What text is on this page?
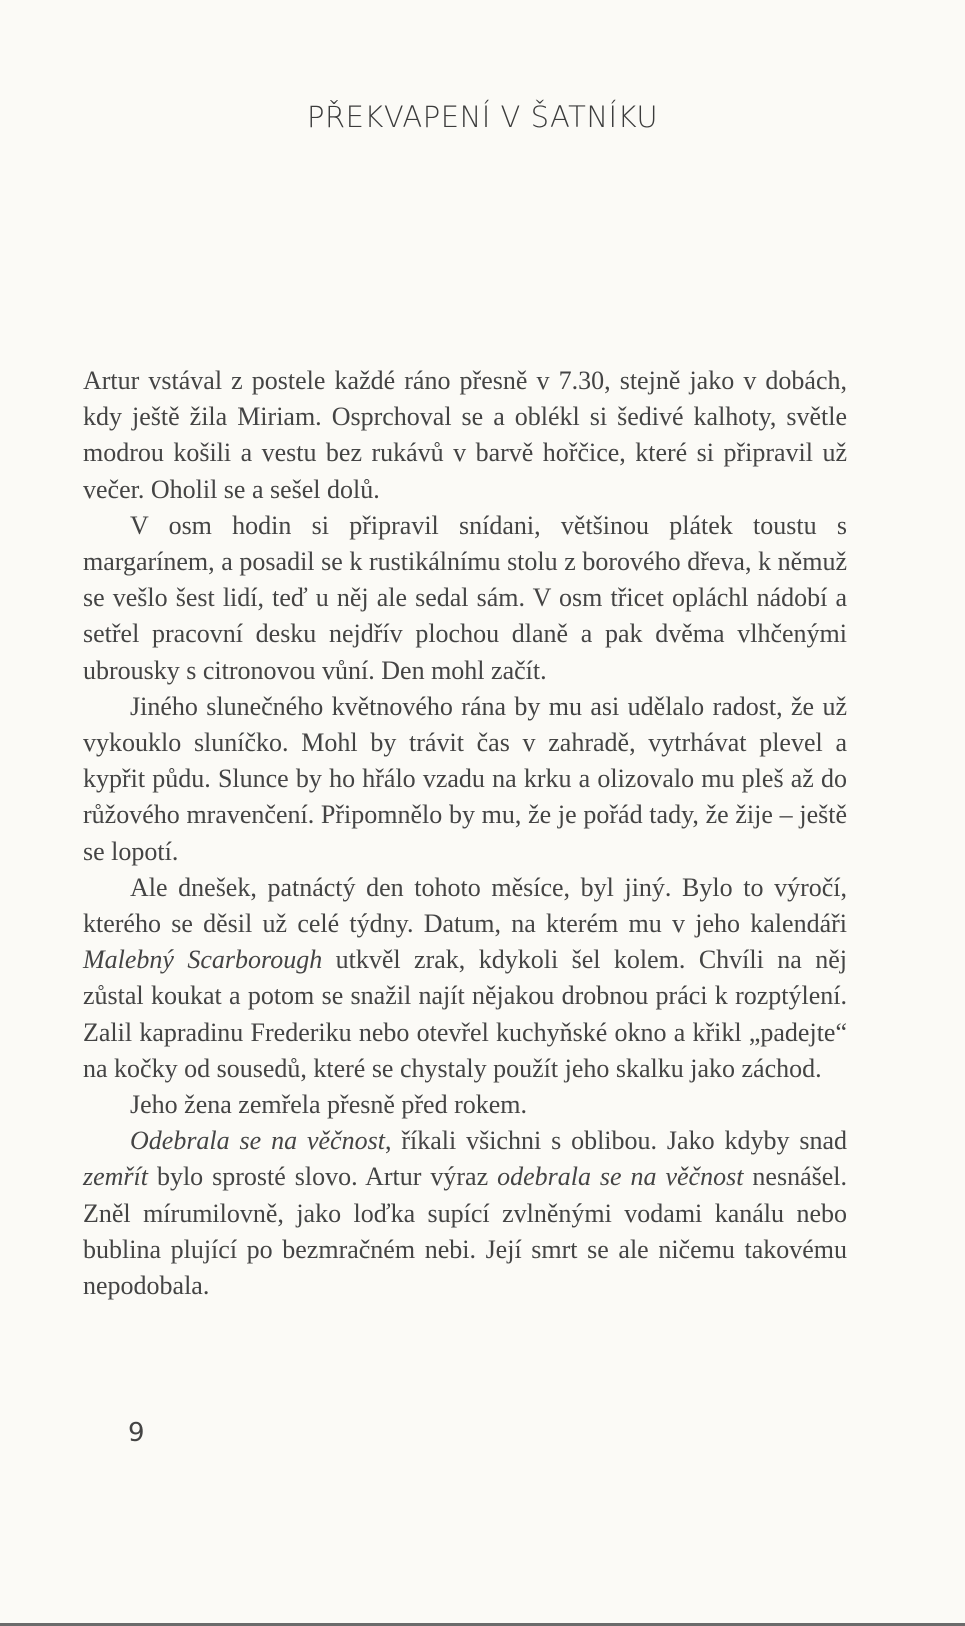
PŘEKVAPENÍ V ŠATNÍKU

Artur vstával z postele každé ráno přesně v 7.30, stejně jako v dobách, kdy ještě žila Miriam. Osprchoval se a oblékl si šedivé kalhoty, světle modrou košili a vestu bez rukávů v barvě hořčice, které si připravil už večer. Oholil se a sešel dolů.

V osm hodin si připravil snídani, většinou plátek toustu s margarínem, a posadil se k rustikálnímu stolu z borového dřeva, k němuž se vešlo šest lidí, teď u něj ale sedal sám. V osm třicet opláchl nádobí a setřel pracovní desku nejdřív plochou dlaně a pak dvěma vlhčenými ubrousky s citronovou vůní. Den mohl začít.

Jiného slunečného květnového rána by mu asi udělalo radost, že už vykouklo sluníčko. Mohl by trávit čas v zahradě, vytrhávat plevel a kypřit půdu. Slunce by ho hřálo vzadu na krku a olizovalo mu pleš až do růžového mravenčení. Připomnělo by mu, že je pořád tady, že žije – ještě se lopotí.

Ale dnešek, patnáctý den tohoto měsíce, byl jiný. Bylo to výročí, kterého se děsil už celé týdny. Datum, na kterém mu v jeho kalendáři Malebný Scarborough utkvěl zrak, kdykoli šel kolem. Chvíli na něj zůstal koukat a potom se snažil najít nějakou drobnou práci k rozptýlení. Zalil kapradinu Frederiku nebo otevřel kuchyňské okno a křikl „padejte“ na kočky od sousedů, které se chystaly použít jeho skalku jako záchod.

Jeho žena zemřela přesně před rokem.

Odebrala se na věčnost, říkali všichni s oblibou. Jako kdyby snad zemřít bylo sprosté slovo. Artur výraz odebrala se na věčnost nesnášel. Zněl mírumilovně, jako loďka supící zvlněnými vodami kanálu nebo bublina plující po bezmračném nebi. Její smrt se ale ničemu takovému nepodobala.

9
